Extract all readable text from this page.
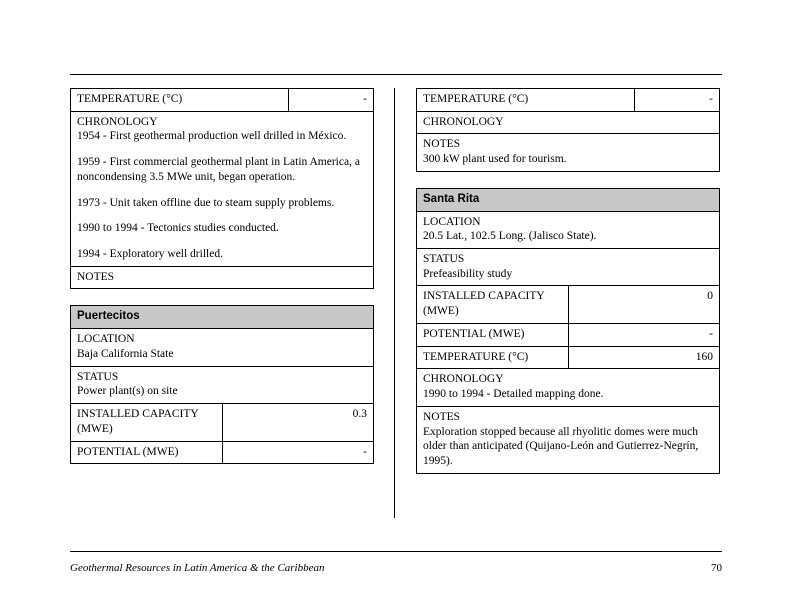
TEMPERATURE (°C)	-

CHRONOLOGY
1954 - First geothermal production well drilled in México.
1959 - First commercial geothermal plant in Latin America, a noncondensing 3.5 MWe unit, began operation.
1973 - Unit taken offline due to steam supply problems.
1990 to 1994 - Tectonics studies conducted.
1994 - Exploratory well drilled.

NOTES
Puertecitos	

LOCATION
Baja California State	

STATUS
Power plant(s) on site	

INSTALLED CAPACITY (MWE)	0.3
POTENTIAL (MWE)	-
TEMPERATURE (°C)	-

CHRONOLOGY

NOTES
300 kW plant used for tourism.
Santa Rita	

LOCATION
20.5 Lat., 102.5 Long. (Jalisco State).	

STATUS
Prefeasibility study	

INSTALLED CAPACITY (MWE)	0
POTENTIAL (MWE)	-
TEMPERATURE (°C)	160

CHRONOLOGY
1990 to 1994 - Detailed mapping done.	

NOTES
Exploration stopped because all rhyolitic domes were much older than anticipated (Quijano-León and Gutierrez-Negrín, 1995).	
Geothermal Resources in Latin America & the Caribbean	70
